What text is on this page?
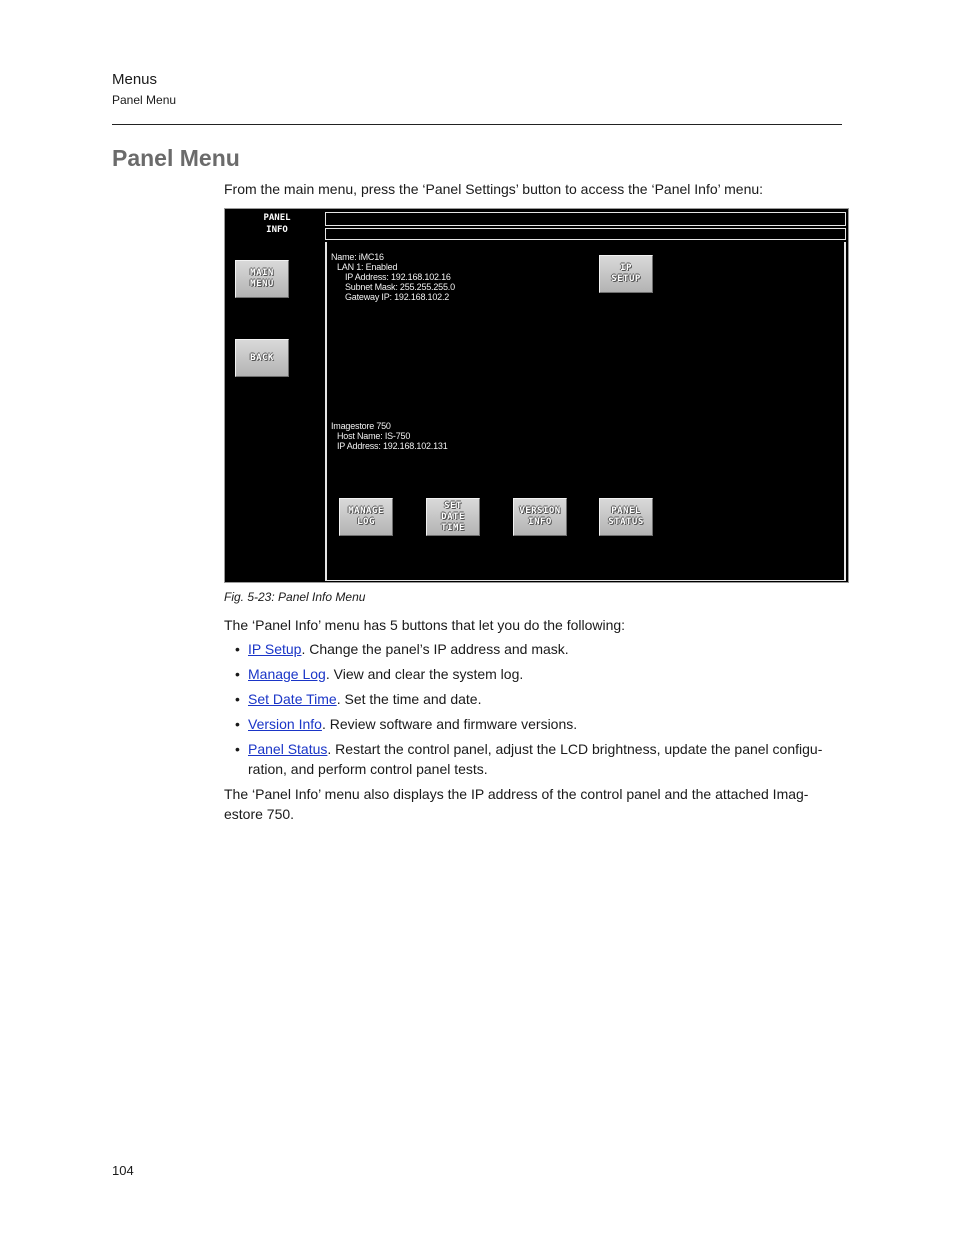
Menus
Panel Menu
Panel Menu
From the main menu, press the ‘Panel Settings’ button to access the ‘Panel Info’ menu:
PANEL
INFO
MAIN
MENU
BACK
IP
SETUP
MANAGE
LOG
SET
DATE
TIME
VERSION
INFO
PANEL
STATUS
Name: iMC16
LAN 1: Enabled
IP Address: 192.168.102.16
Subnet Mask: 255.255.255.0
Gateway IP: 192.168.102.2
Imagestore 750
Host Name: IS-750
IP Address: 192.168.102.131
Fig. 5-23: Panel Info Menu
The ‘Panel Info’ menu has 5 buttons that let you do the following:
• IP Setup. Change the panel’s IP address and mask.
• Manage Log. View and clear the system log.
• Set Date Time. Set the time and date.
• Version Info. Review software and firmware versions.
• Panel Status. Restart the control panel, adjust the LCD brightness, update the panel configu-ration, and perform control panel tests.
The ‘Panel Info’ menu also displays the IP address of the control panel and the attached Imag-estore 750.
104
